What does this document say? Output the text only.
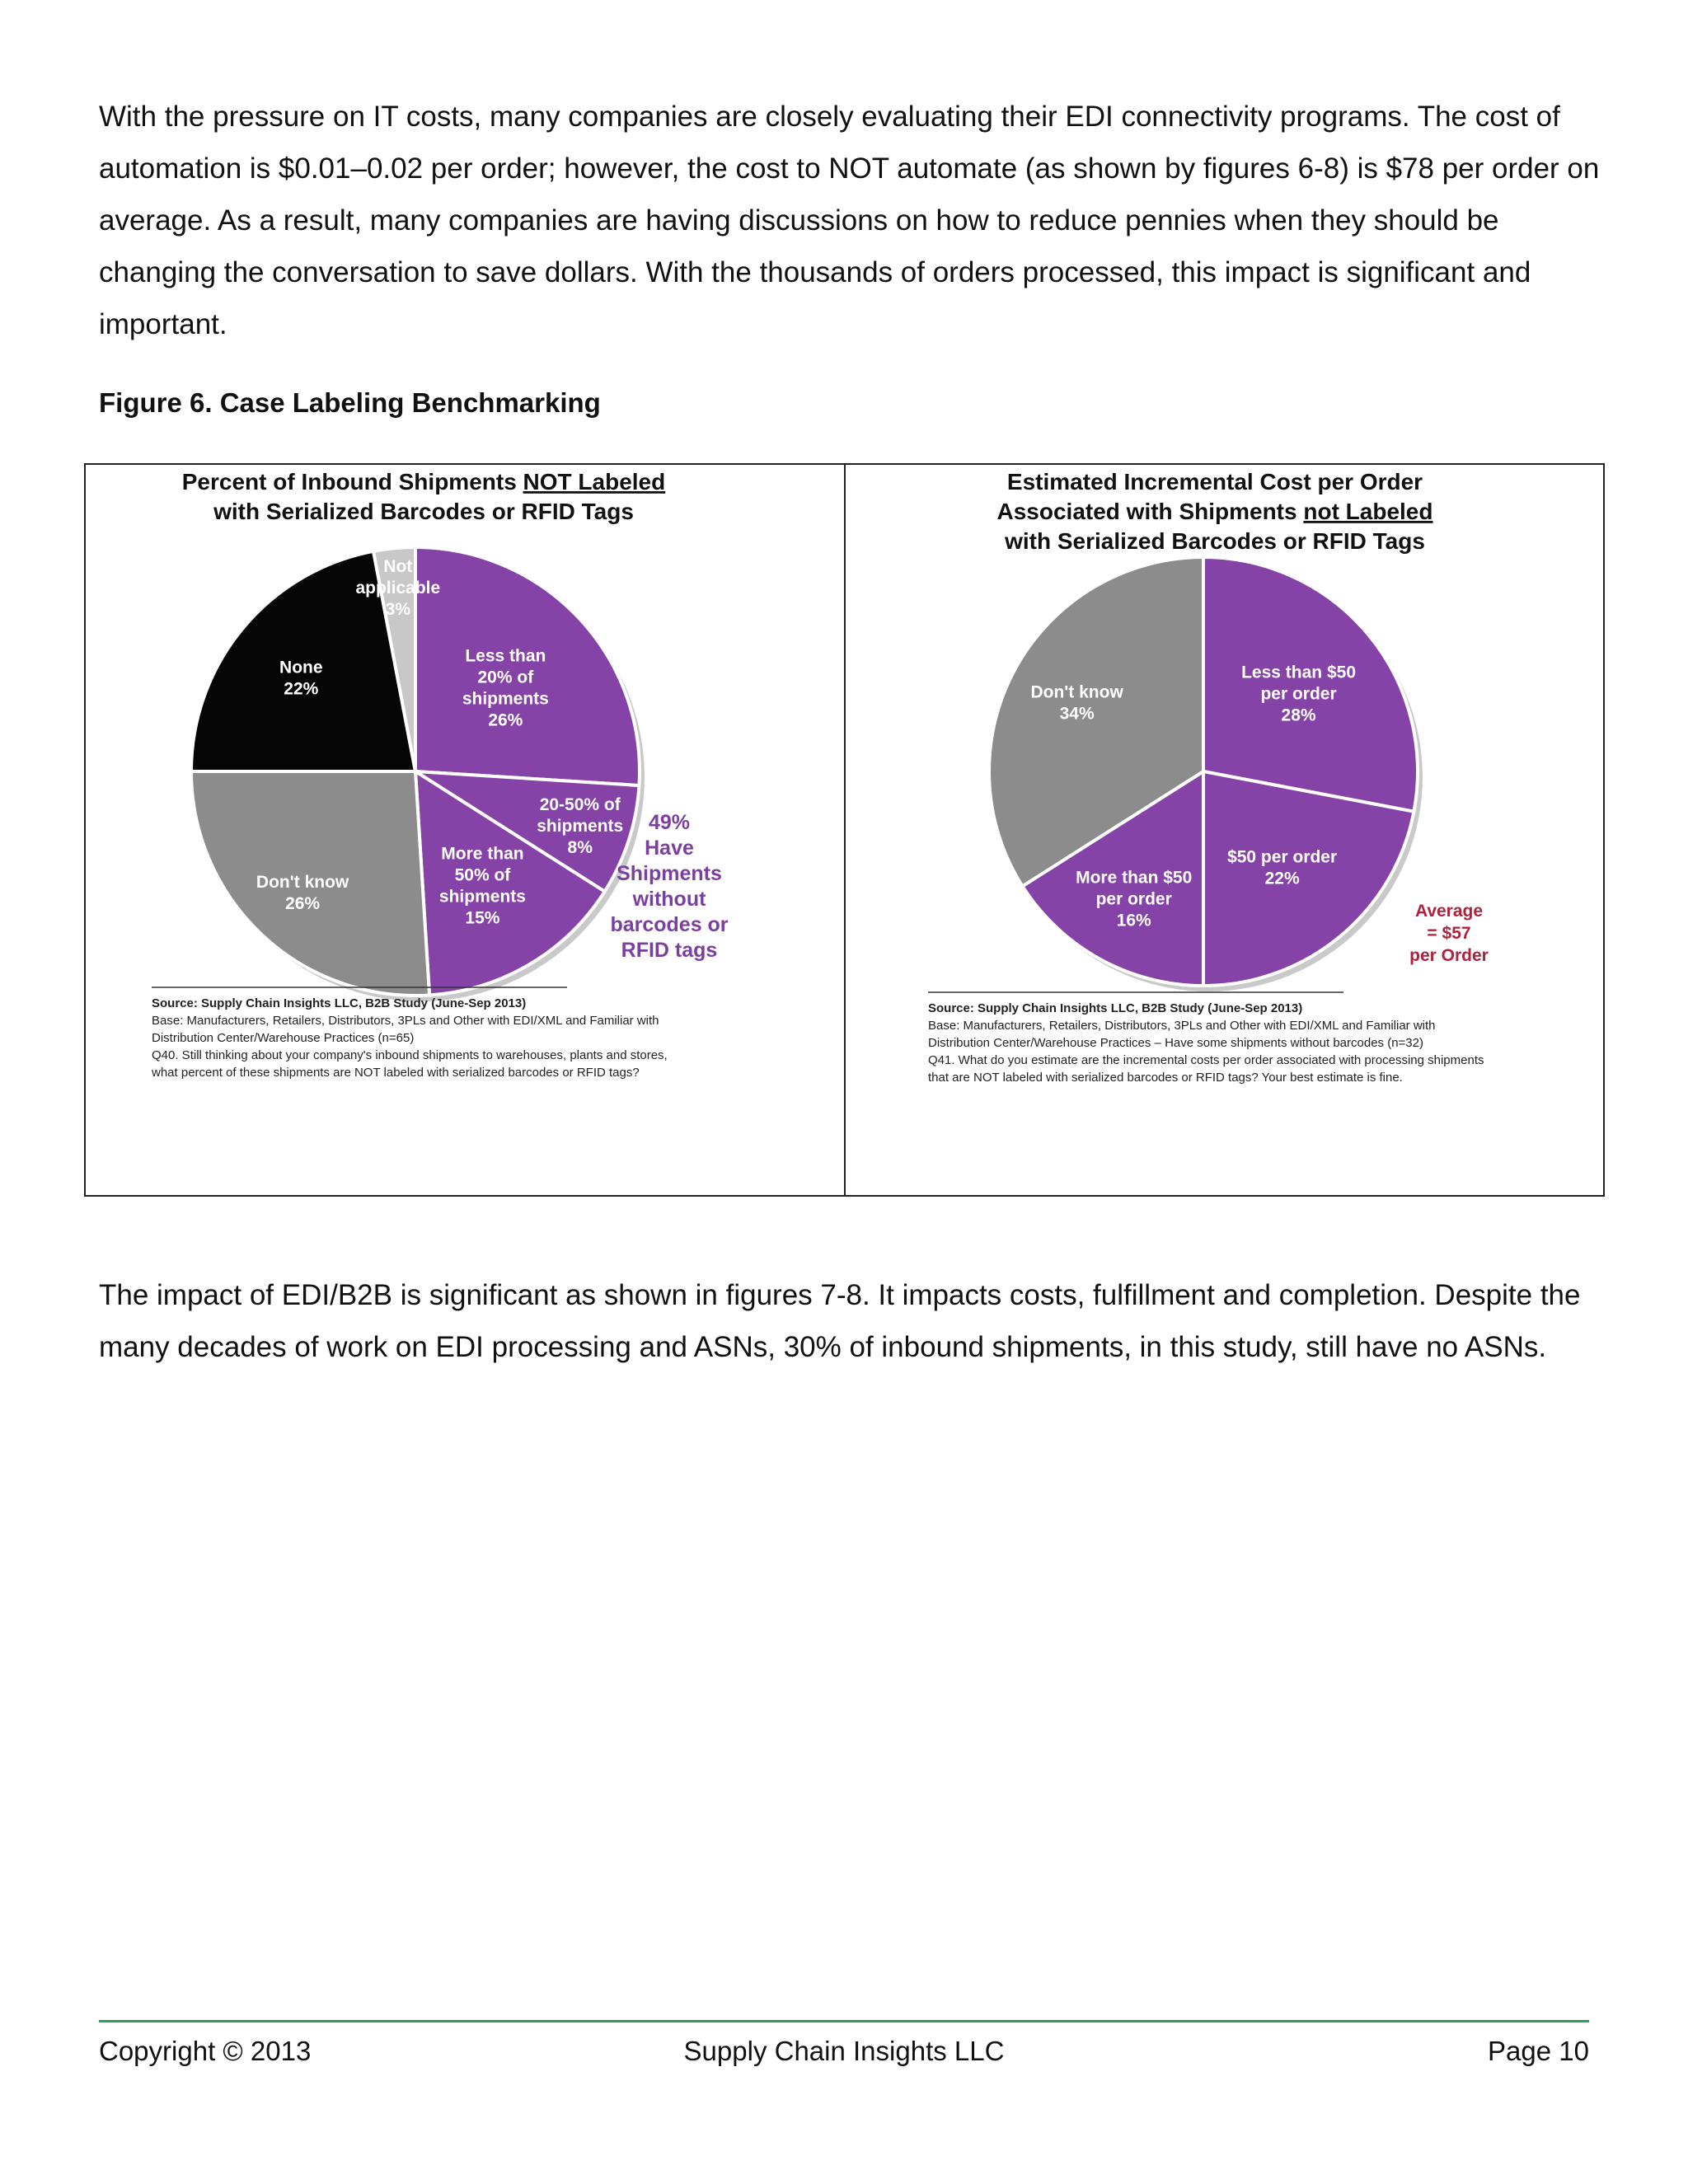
With the pressure on IT costs, many companies are closely evaluating their EDI connectivity programs. The cost of automation is $0.01–0.02 per order; however, the cost to NOT automate (as shown by figures 6-8) is $78 per order on average. As a result, many companies are having discussions on how to reduce pennies when they should be changing the conversation to save dollars. With the thousands of orders processed, this impact is significant and important.

Figure 6. Case Labeling Benchmarking

Percent of Inbound Shipments NOT Labeled
with Serialized Barcodes or RFID Tags
Less than 20% of shipments 26%
20-50% of shipments 8%
More than 50% of shipments 15%
Don't know 26%
None 22%
Not applicable 3%
49% Have Shipments without barcodes or RFID tags
Source: Supply Chain Insights LLC, B2B Study (June-Sep 2013)
Base: Manufacturers, Retailers, Distributors, 3PLs and Other with EDI/XML and Familiar with
Distribution Center/Warehouse Practices (n=65)
Q40. Still thinking about your company's inbound shipments to warehouses, plants and stores,
what percent of these shipments are NOT labeled with serialized barcodes or RFID tags?
Estimated Incremental Cost per Order
Associated with Shipments not Labeled
with Serialized Barcodes or RFID Tags
Less than $50 per order 28%
$50 per order 22%
More than $50 per order 16%
Don't know 34%
Average = $57 per Order
Source: Supply Chain Insights LLC, B2B Study (June-Sep 2013)
Base: Manufacturers, Retailers, Distributors, 3PLs and Other with EDI/XML and Familiar with
Distribution Center/Warehouse Practices – Have some shipments without barcodes (n=32)
Q41. What do you estimate are the incremental costs per order associated with processing shipments
that are NOT labeled with serialized barcodes or RFID tags? Your best estimate is fine.

The impact of EDI/B2B is significant as shown in figures 7-8. It impacts costs, fulfillment and completion. Despite the many decades of work on EDI processing and ASNs, 30% of inbound shipments, in this study, still have no ASNs.

Copyright © 2013	Supply Chain Insights LLC	Page 10
